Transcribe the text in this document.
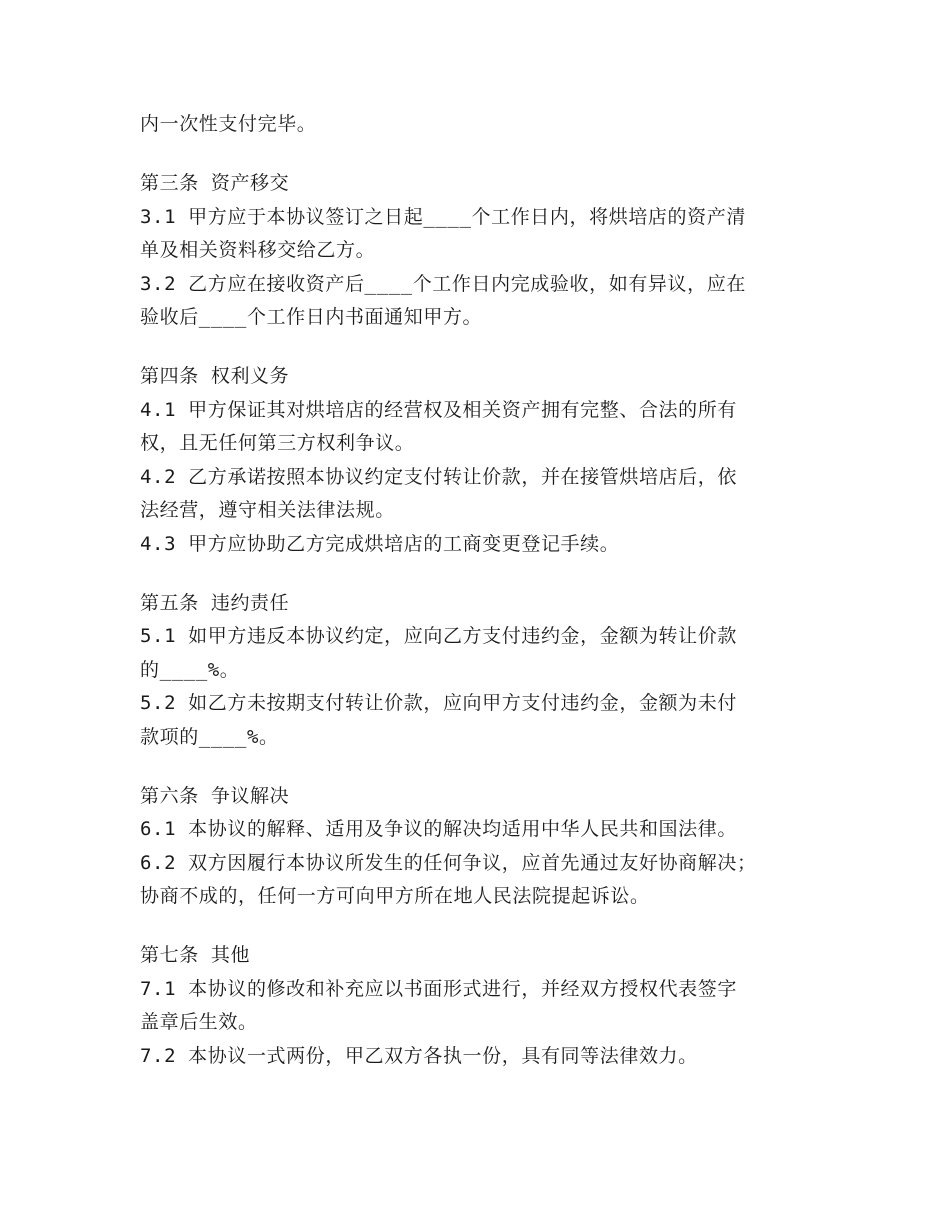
内一次性支付完毕。
第三条 资产移交
3.1 甲方应于本协议签订之日起____个工作日内，将烘培店的资产清
单及相关资料移交给乙方。
3.2 乙方应在接收资产后____个工作日内完成验收，如有异议，应在
验收后____个工作日内书面通知甲方。
第四条 权利义务
4.1 甲方保证其对烘培店的经营权及相关资产拥有完整、合法的所有
权，且无任何第三方权利争议。
4.2 乙方承诺按照本协议约定支付转让价款，并在接管烘培店后，依
法经营，遵守相关法律法规。
4.3 甲方应协助乙方完成烘培店的工商变更登记手续。
第五条 违约责任
5.1 如甲方违反本协议约定，应向乙方支付违约金，金额为转让价款
的____%。
5.2 如乙方未按期支付转让价款，应向甲方支付违约金，金额为未付
款项的____%。
第六条 争议解决
6.1 本协议的解释、适用及争议的解决均适用中华人民共和国法律。
6.2 双方因履行本协议所发生的任何争议，应首先通过友好协商解决；
协商不成的，任何一方可向甲方所在地人民法院提起诉讼。
第七条 其他
7.1 本协议的修改和补充应以书面形式进行，并经双方授权代表签字
盖章后生效。
7.2 本协议一式两份，甲乙双方各执一份，具有同等法律效力。
